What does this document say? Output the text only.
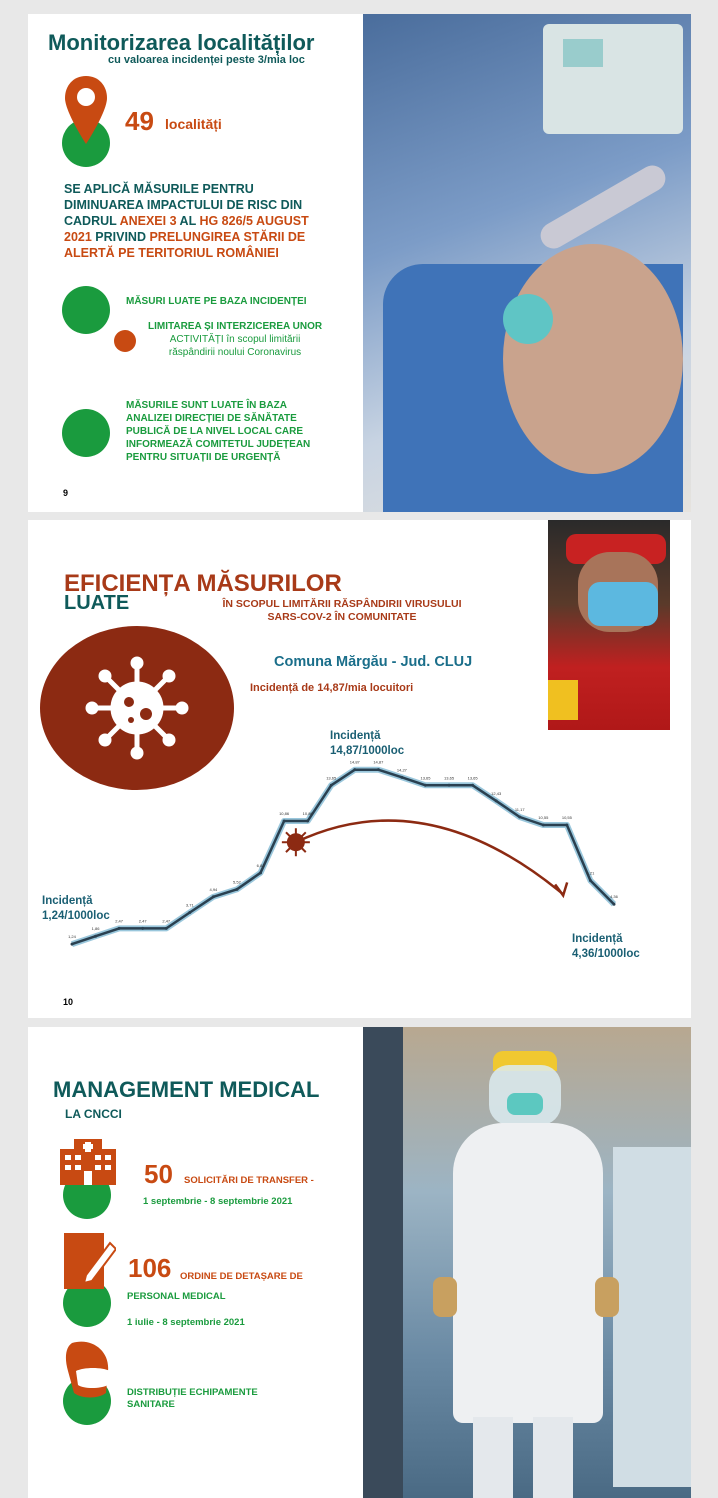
Monitorizarea localităților
cu valoarea incidenței peste 3/mia loc
49 localități
SE APLICĂ MĂSURILE PENTRU
DIMINUAREA IMPACTULUI DE RISC DIN
CADRUL ANEXEI 3 AL HG 826/5 AUGUST
2021 PRIVIND PRELUNGIREA STĂRII DE
ALERTĂ PE TERITORIUL ROMÂNIEI
MĂSURI LUATE PE BAZA INCIDENȚEI
LIMITAREA ȘI INTERZICEREA UNOR
ACTIVITĂȚI în scopul limitării
răspândirii noului Coronavirus
MĂSURILE SUNT LUATE ÎN BAZA
ANALIZEI DIRECȚIEI DE SĂNĂTATE
PUBLICĂ DE LA NIVEL LOCAL CARE
INFORMEAZĂ COMITETUL JUDEȚEAN
PENTRU SITUAȚII DE URGENȚĂ
9
EFICIENȚA MĂSURILOR
LUATE	ÎN SCOPUL LIMITĂRII RĂSPÂNDIRII VIRUSULUI
SARS-COV-2 ÎN COMUNITATE
Comuna Mărgău - Jud. CLUJ
Incidență de 14,87/mia locuitori
1,24
1,86
2,47	2,47	2,47
3,71
4,94
5,52
6,81
10,86	10,86
13,65
14,87	14,87
14,27
13,65	13,65	13,65
12,43
11,17
10,55	10,55
6,21
4,36
Incidență
14,87/1000loc
Incidență
1,24/1000loc
Incidență
4,36/1000loc
10
MANAGEMENT MEDICAL
LA CNCCI
50 SOLICITĂRI DE TRANSFER -
1 septembrie - 8 septembrie 2021
106 ORDINE DE DETAȘARE DE
PERSONAL MEDICAL
1 iulie - 8 septembrie 2021
DISTRIBUȚIE ECHIPAMENTE
SANITARE
